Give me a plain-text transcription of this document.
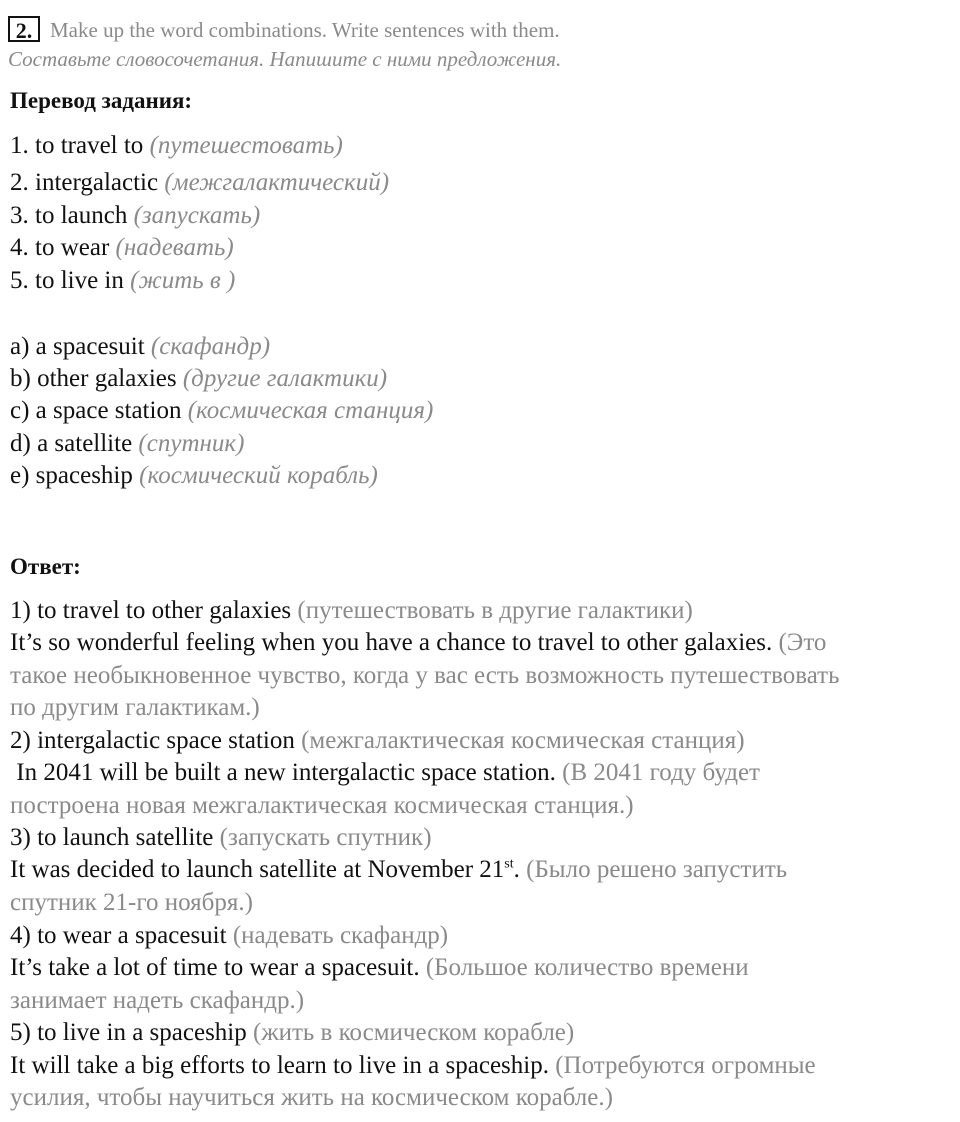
2. Make up the word combinations. Write sentences with them.
Составьте словосочетания. Напишите с ними предложения.
Перевод задания:
1. to travel to (путешестовать)
2. intergalactic (межгалактический)
3. to launch (запускать)
4. to wear (надевать)
5. to live in (жить в )
a) a spacesuit (скафандр)
b) other galaxies (другие галактики)
c) a space station (космическая станция)
d) a satellite (спутник)
e) spaceship (космический корабль)
Ответ:
1) to travel to other galaxies (путешествовать в другие галактики)
It’s so wonderful feeling when you have a chance to travel to other galaxies. (Это
такое необыкновенное чувство, когда у вас есть возможность путешествовать
по другим галактикам.)
2) intergalactic space station (межгалактическая космическая станция)
In 2041 will be built a new intergalactic space station. (В 2041 году будет
построена новая межгалактическая космическая станция.)
3) to launch satellite (запускать спутник)
It was decided to launch satellite at November 21st. (Было решено запустить
спутник 21-го ноября.)
4) to wear a spacesuit (надевать скафандр)
It’s take a lot of time to wear a spacesuit. (Большое количество времени
занимает надеть скафандр.)
5) to live in a spaceship (жить в космическом корабле)
It will take a big efforts to learn to live in a spaceship. (Потребуются огромные
усилия, чтобы научиться жить на космическом корабле.)
